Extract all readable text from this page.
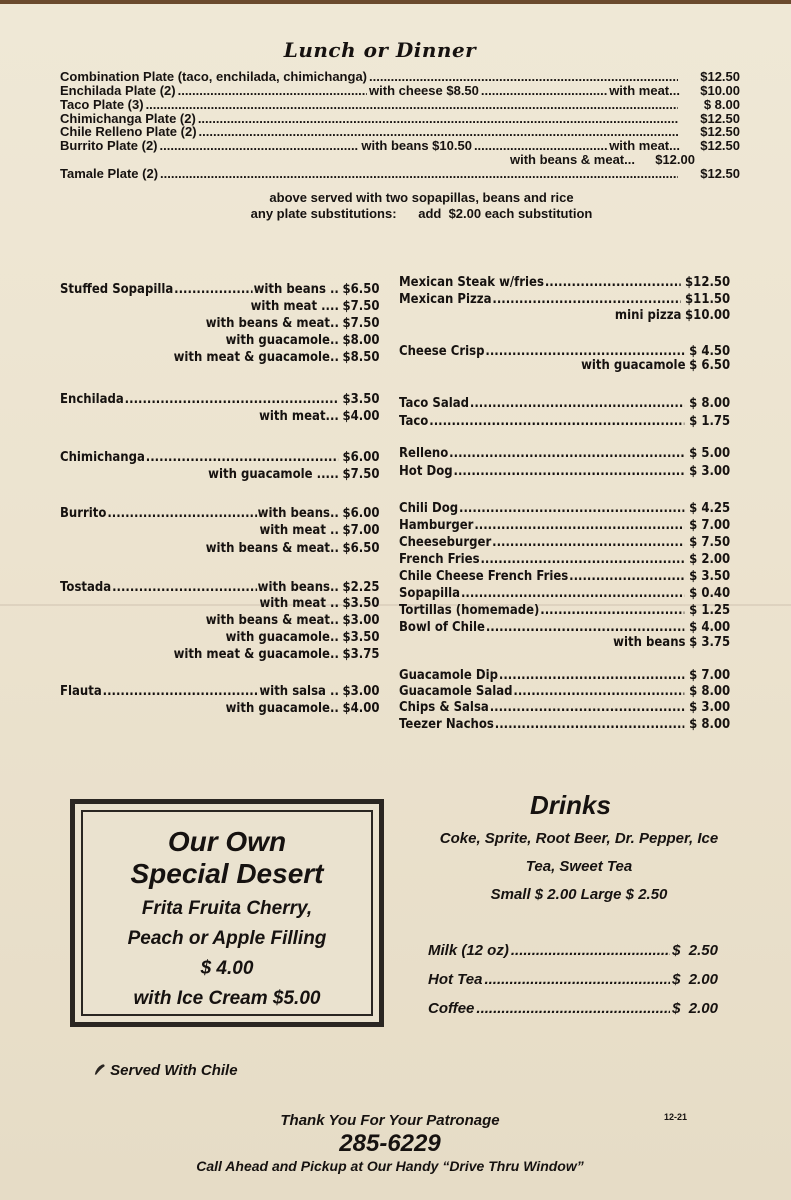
Lunch or Dinner
Combination Plate (taco, enchilada, chimichanga) .....	$12.50
Enchilada Plate (2) .....	with cheese $8.50 .....	with meat ...	$10.00
Taco Plate (3) .....	$ 8.00
Chimichanga Plate (2) .....	$12.50
Chile Relleno Plate (2) .....	$12.50
Burrito Plate (2) .....	with beans $10.50 .....	with meat ...	$12.50
with beans & meat ...	$12.00
Tamale Plate (2) .....	$12.50
above served with two sopapillas, beans and rice
any plate substitutions:      add  $2.00 each substitution
Stuffed Sopapilla .....	with beans .. $6.50
with meat .... $7.50
with beans & meat.. $7.50
with guacamole.. $8.00
with meat & guacamole.. $8.50
Enchilada .....	$3.50
with meat... $4.00
Chimichanga .....	$6.00
with guacamole ..... $7.50
Burrito .....	with beans.. $6.00
with meat .. $7.00
with beans & meat.. $6.50
Tostada .....	with beans.. $2.25
with meat .. $3.50
with beans & meat.. $3.00
with guacamole.. $3.50
with meat & guacamole.. $3.75
Flauta .....	with salsa .. $3.00
with guacamole.. $4.00
Mexican Steak w/fries .....	$12.50
Mexican Pizza .....	$11.50
mini pizza $10.00
Cheese Crisp .....	$ 4.50
with guacamole $ 6.50
Taco Salad .....	$ 8.00
Taco .....	$ 1.75
Relleno .....	$ 5.00
Hot Dog .....	$ 3.00
Chili Dog .....	$ 4.25
Hamburger .....	$ 7.00
Cheeseburger .....	$ 7.50
French Fries .....	$ 2.00
Chile Cheese French Fries .....	$ 3.50
Sopapilla .....	$ 0.40
Tortillas (homemade) .....	$ 1.25
Bowl of Chile .....	$ 4.00
with beans $ 3.75
Guacamole Dip .....	$ 7.00
Guacamole Salad .....	$ 8.00
Chips & Salsa .....	$ 3.00
Teezer Nachos .....	$ 8.00
Our Own
Special Desert
Frita Fruita Cherry,
Peach or Apple Filling
$ 4.00
with Ice Cream $5.00
Drinks
Coke, Sprite, Root Beer, Dr. Pepper, Ice
Tea, Sweet Tea
Small $ 2.00 Large $ 2.50
Milk (12 oz) .....	$  2.50
Hot Tea .....	$  2.00
Coffee .....	$  2.00
Served With Chile
Thank You For Your Patronage
285-6229
Call Ahead and Pickup at Our Handy “Drive Thru Window”
12-21
